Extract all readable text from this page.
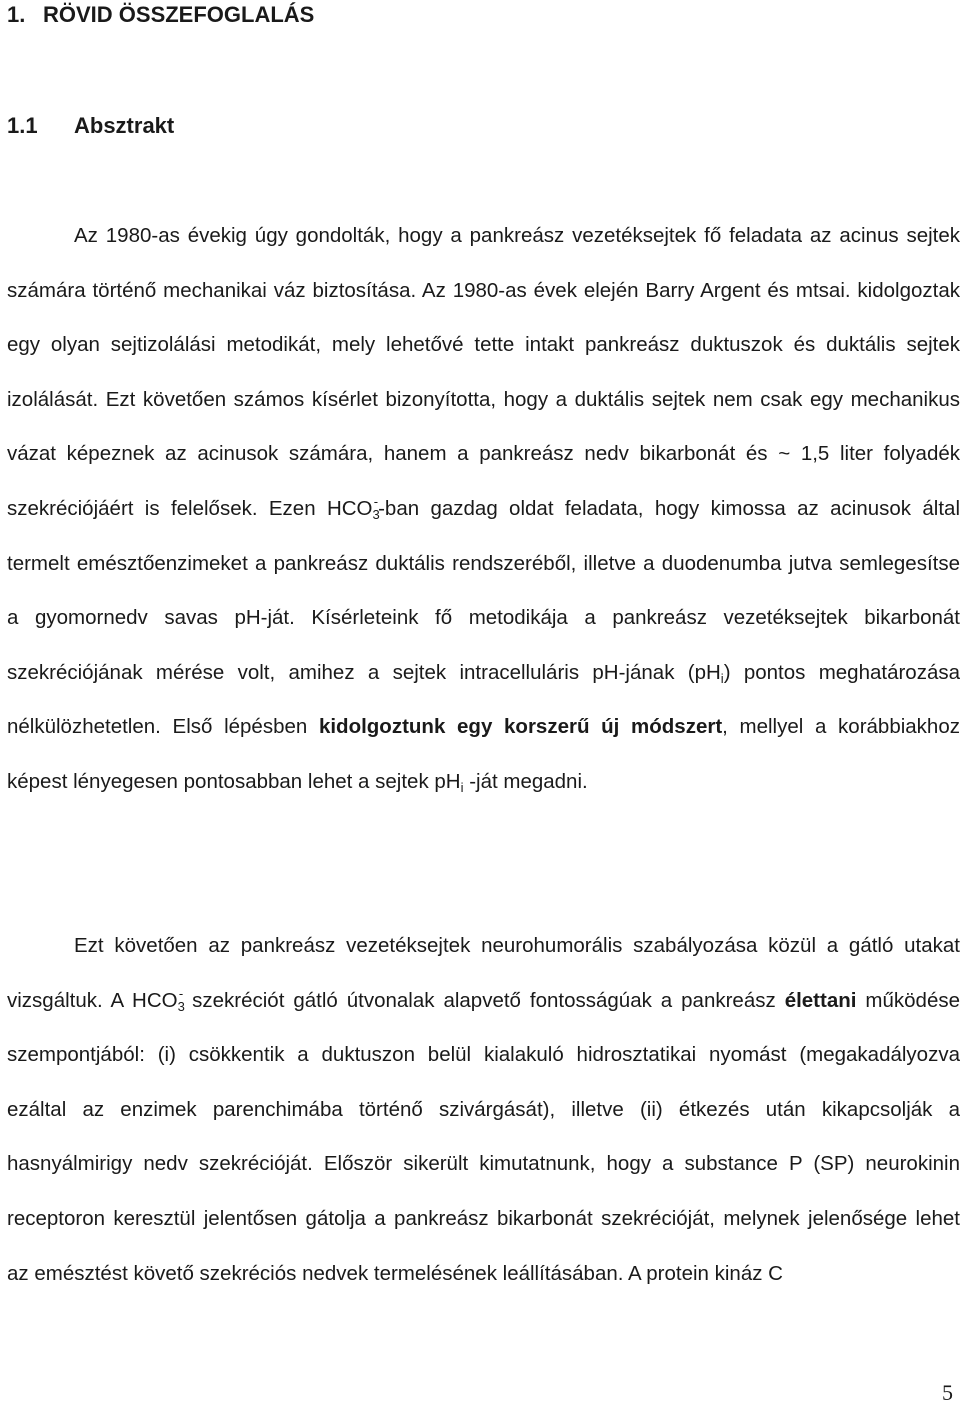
1. RÖVID ÖSSZEFOGLALÁS
1.1 Absztrakt

Az 1980-as évekig úgy gondolták, hogy a pankreász vezetéksejtek fő feladata az acinus sejtek számára történő mechanikai váz biztosítása. Az 1980-as évek elején Barry Argent és mtsai. kidolgoztak egy olyan sejtizolálási metodikát, mely lehetővé tette intakt pankreász duktuszok és duktális sejtek izolálását. Ezt követően számos kísérlet bizonyította, hogy a duktális sejtek nem csak egy mechanikus vázat képeznek az acinusok számára, hanem a pankreász nedv bikarbonát és ~ 1,5 liter folyadék szekréciójáért is felelősek. Ezen $HCO_3^-$-ban gazdag oldat feladata, hogy kimossa az acinusok által termelt emésztőenzimeket a pankreász duktális rendszeréből, illetve a duodenumba jutva semlegesítse a gyomornedv savas pH-ját. Kísérleteink fő metodikája a pankreász vezetéksejtek bikarbonát szekréciójának mérése volt, amihez a sejtek intracelluláris pH-jának $(pH_i)$ pontos meghatározása nélkülözhetetlen. Első lépésben kidolgoztunk egy korszerű új módszert, mellyel a korábbiakhoz képest lényegesen pontosabban lehet a sejtek $pH_i$ -ját megadni.

Ezt követően az pankreász vezetéksejtek neurohumorális szabályozása közül a gátló utakat vizsgáltuk. A $HCO_3^-$ szekréciót gátló útvonalak alapvető fontosságúak a pankreász élettani működése szempontjából: (i) csökkentik a duktuszon belül kialakuló hidrosztatikai nyomást (megakadályozva ezáltal az enzimek parenchimába történő szivárgását), illetve (ii) étkezés után kikapcsolják a hasnyálmirigy nedv szekrécióját. Először sikerült kimutatnunk, hogy a substance P (SP) neurokinin receptoron keresztül jelentősen gátolja a pankreász bikarbonát szekrécióját, melynek jelenősége lehet az emésztést követő szekréciós nedvek termelésének leállításában. A protein kináz C

5
